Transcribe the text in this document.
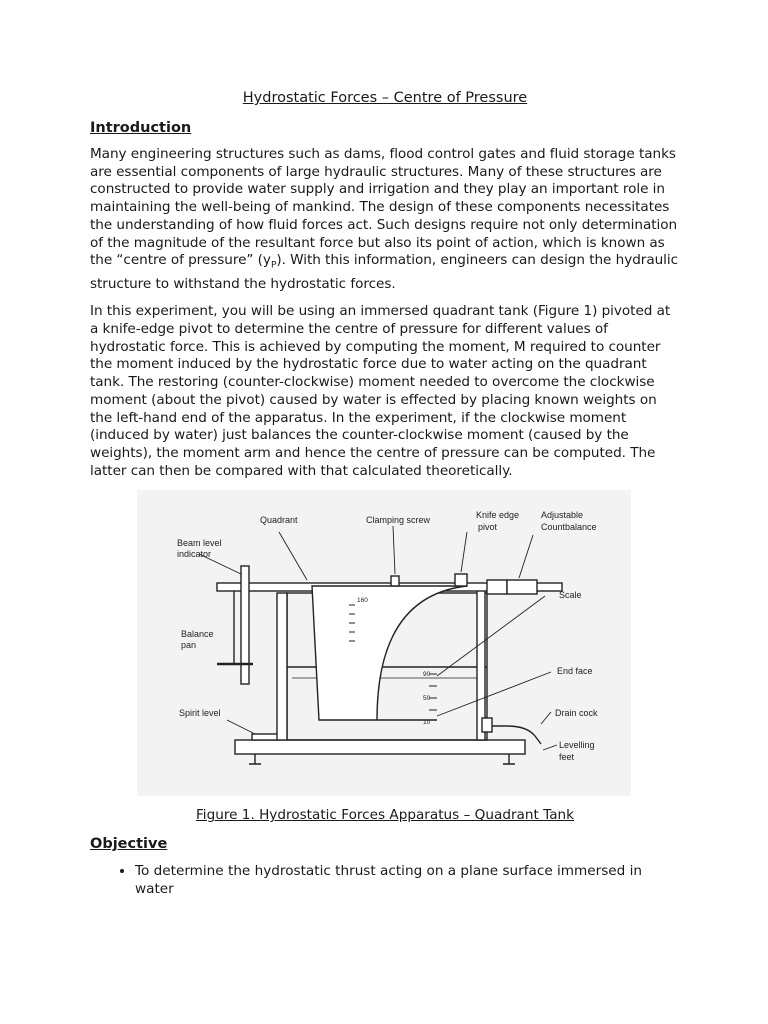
Hydrostatic Forces – Centre of Pressure
Introduction

Many engineering structures such as dams, flood control gates and fluid storage tanks are essential components of large hydraulic structures. Many of these structures are constructed to provide water supply and irrigation and they play an important role in maintaining the well-being of mankind. The design of these components necessitates the understanding of how fluid forces act. Such designs require not only determination of the magnitude of the resultant force but also its point of action, which is known as the “centre of pressure” $(y_P)$. With this information, engineers can design the hydraulic structure to withstand the hydrostatic forces.

In this experiment, you will be using an immersed quadrant tank (Figure 1) pivoted at a knife-edge pivot to determine the centre of pressure for different values of hydrostatic force. This is achieved by computing the moment, M required to counter the moment induced by the hydrostatic force due to water acting on the quadrant tank. The restoring (counter-clockwise) moment needed to overcome the clockwise moment (about the pivot) caused by water is effected by placing known weights on the left-hand end of the apparatus. In the experiment, if the clockwise moment (induced by water) just balances the counter-clockwise moment (caused by the weights), the moment arm and hence the centre of pressure can be computed. The latter can then be compared with that calculated theoretically.

Quadrant	Clamping screw	Knife edge
pivot
Adjustable
Countbalance
Beam level
indicator
Balance
pan
Scale
End face
Spirit level	Drain cock
Levelling
feet
160
90
50
10
Figure 1. Hydrostatic Forces Apparatus – Quadrant Tank
Objective
• To determine the hydrostatic thrust acting on a plane surface immersed in water
